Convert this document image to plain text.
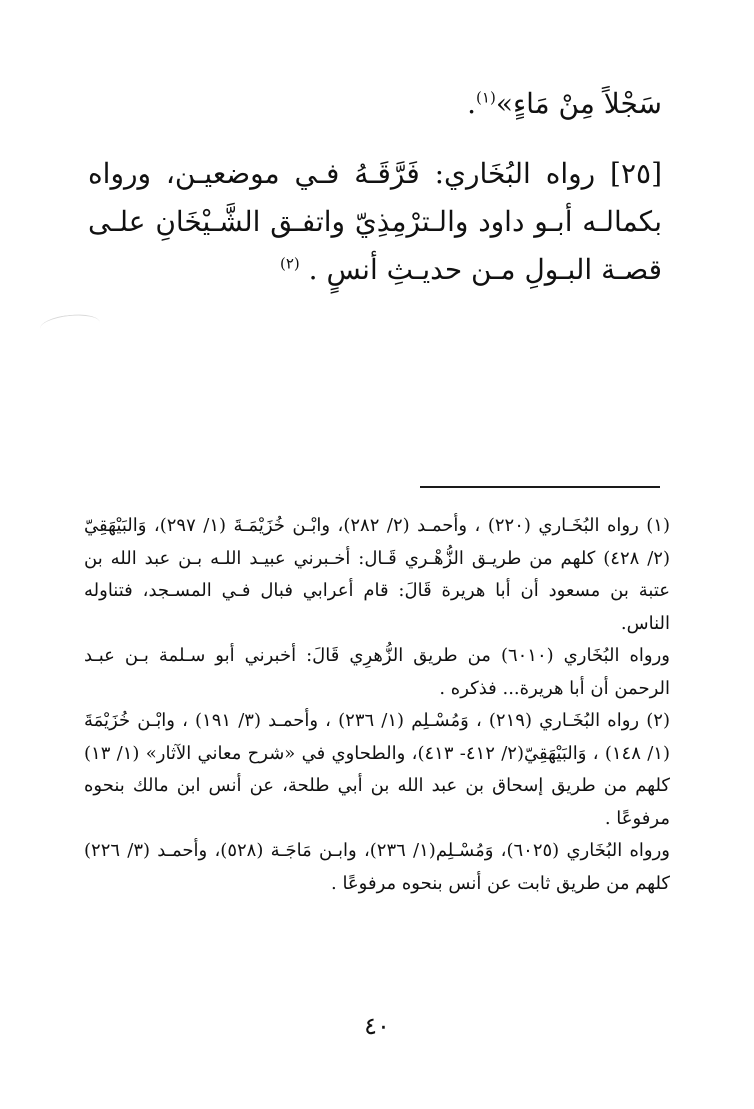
سَجْلاً مِنْ مَاءٍ»$^{(١)}$.

[٢٥] رواه البُخَاري: فَرَّقَـهُ فـي موضعيـن، ورواه بكمالـه أبـو داود والـترْمِذِيّ واتفـق الشَّـيْخَانِ علـى قصـة البـولِ مـن حديـثِ أنسٍ . $^{(٢)}$

(١) رواه البُخَـاري (٢٢٠) ، وأحمـد (٢/ ٢٨٢)، وابْـن خُزَيْمَـةَ (١/ ٢٩٧)، وَالبَيْهَقِيّ (٢/ ٤٢٨) كلهم من طريـق الزُّهْـري قَـال: أخـبرني عبيـد اللـه بـن عبد الله بن عتبة بن مسعود أن أبا هريرة قَالَ: قام أعرابي فبال فـي المسـجد، فتناوله الناس.

ورواه البُخَاري (٦٠١٠) من طريق الزُّهرِي قَالَ: أخبرني أبو سـلمة بـن عبـد الرحمن أن أبا هريرة... فذكره .

(٢) رواه البُخَـاري (٢١٩) ، وَمُسْـلِم (١/ ٢٣٦) ، وأحمـد (٣/ ١٩١) ، وابْـن خُزَيْمَةَ (١/ ١٤٨) ، وَالبَيْهَقِيّ(٢/ ٤١٢- ٤١٣)، والطحاوي في «شرح معاني الآثار» (١/ ١٣) كلهم من طريق إسحاق بن عبد الله بن أبي طلحة، عن أنس ابن مالك بنحوه مرفوعًا .

ورواه البُخَاري (٦٠٢٥)، وَمُسْـلِم(١/ ٢٣٦)، وابـن مَاجَـة (٥٢٨)، وأحمـد (٣/ ٢٢٦) كلهم من طريق ثابت عن أنس بنحوه مرفوعًا .

٤٠
